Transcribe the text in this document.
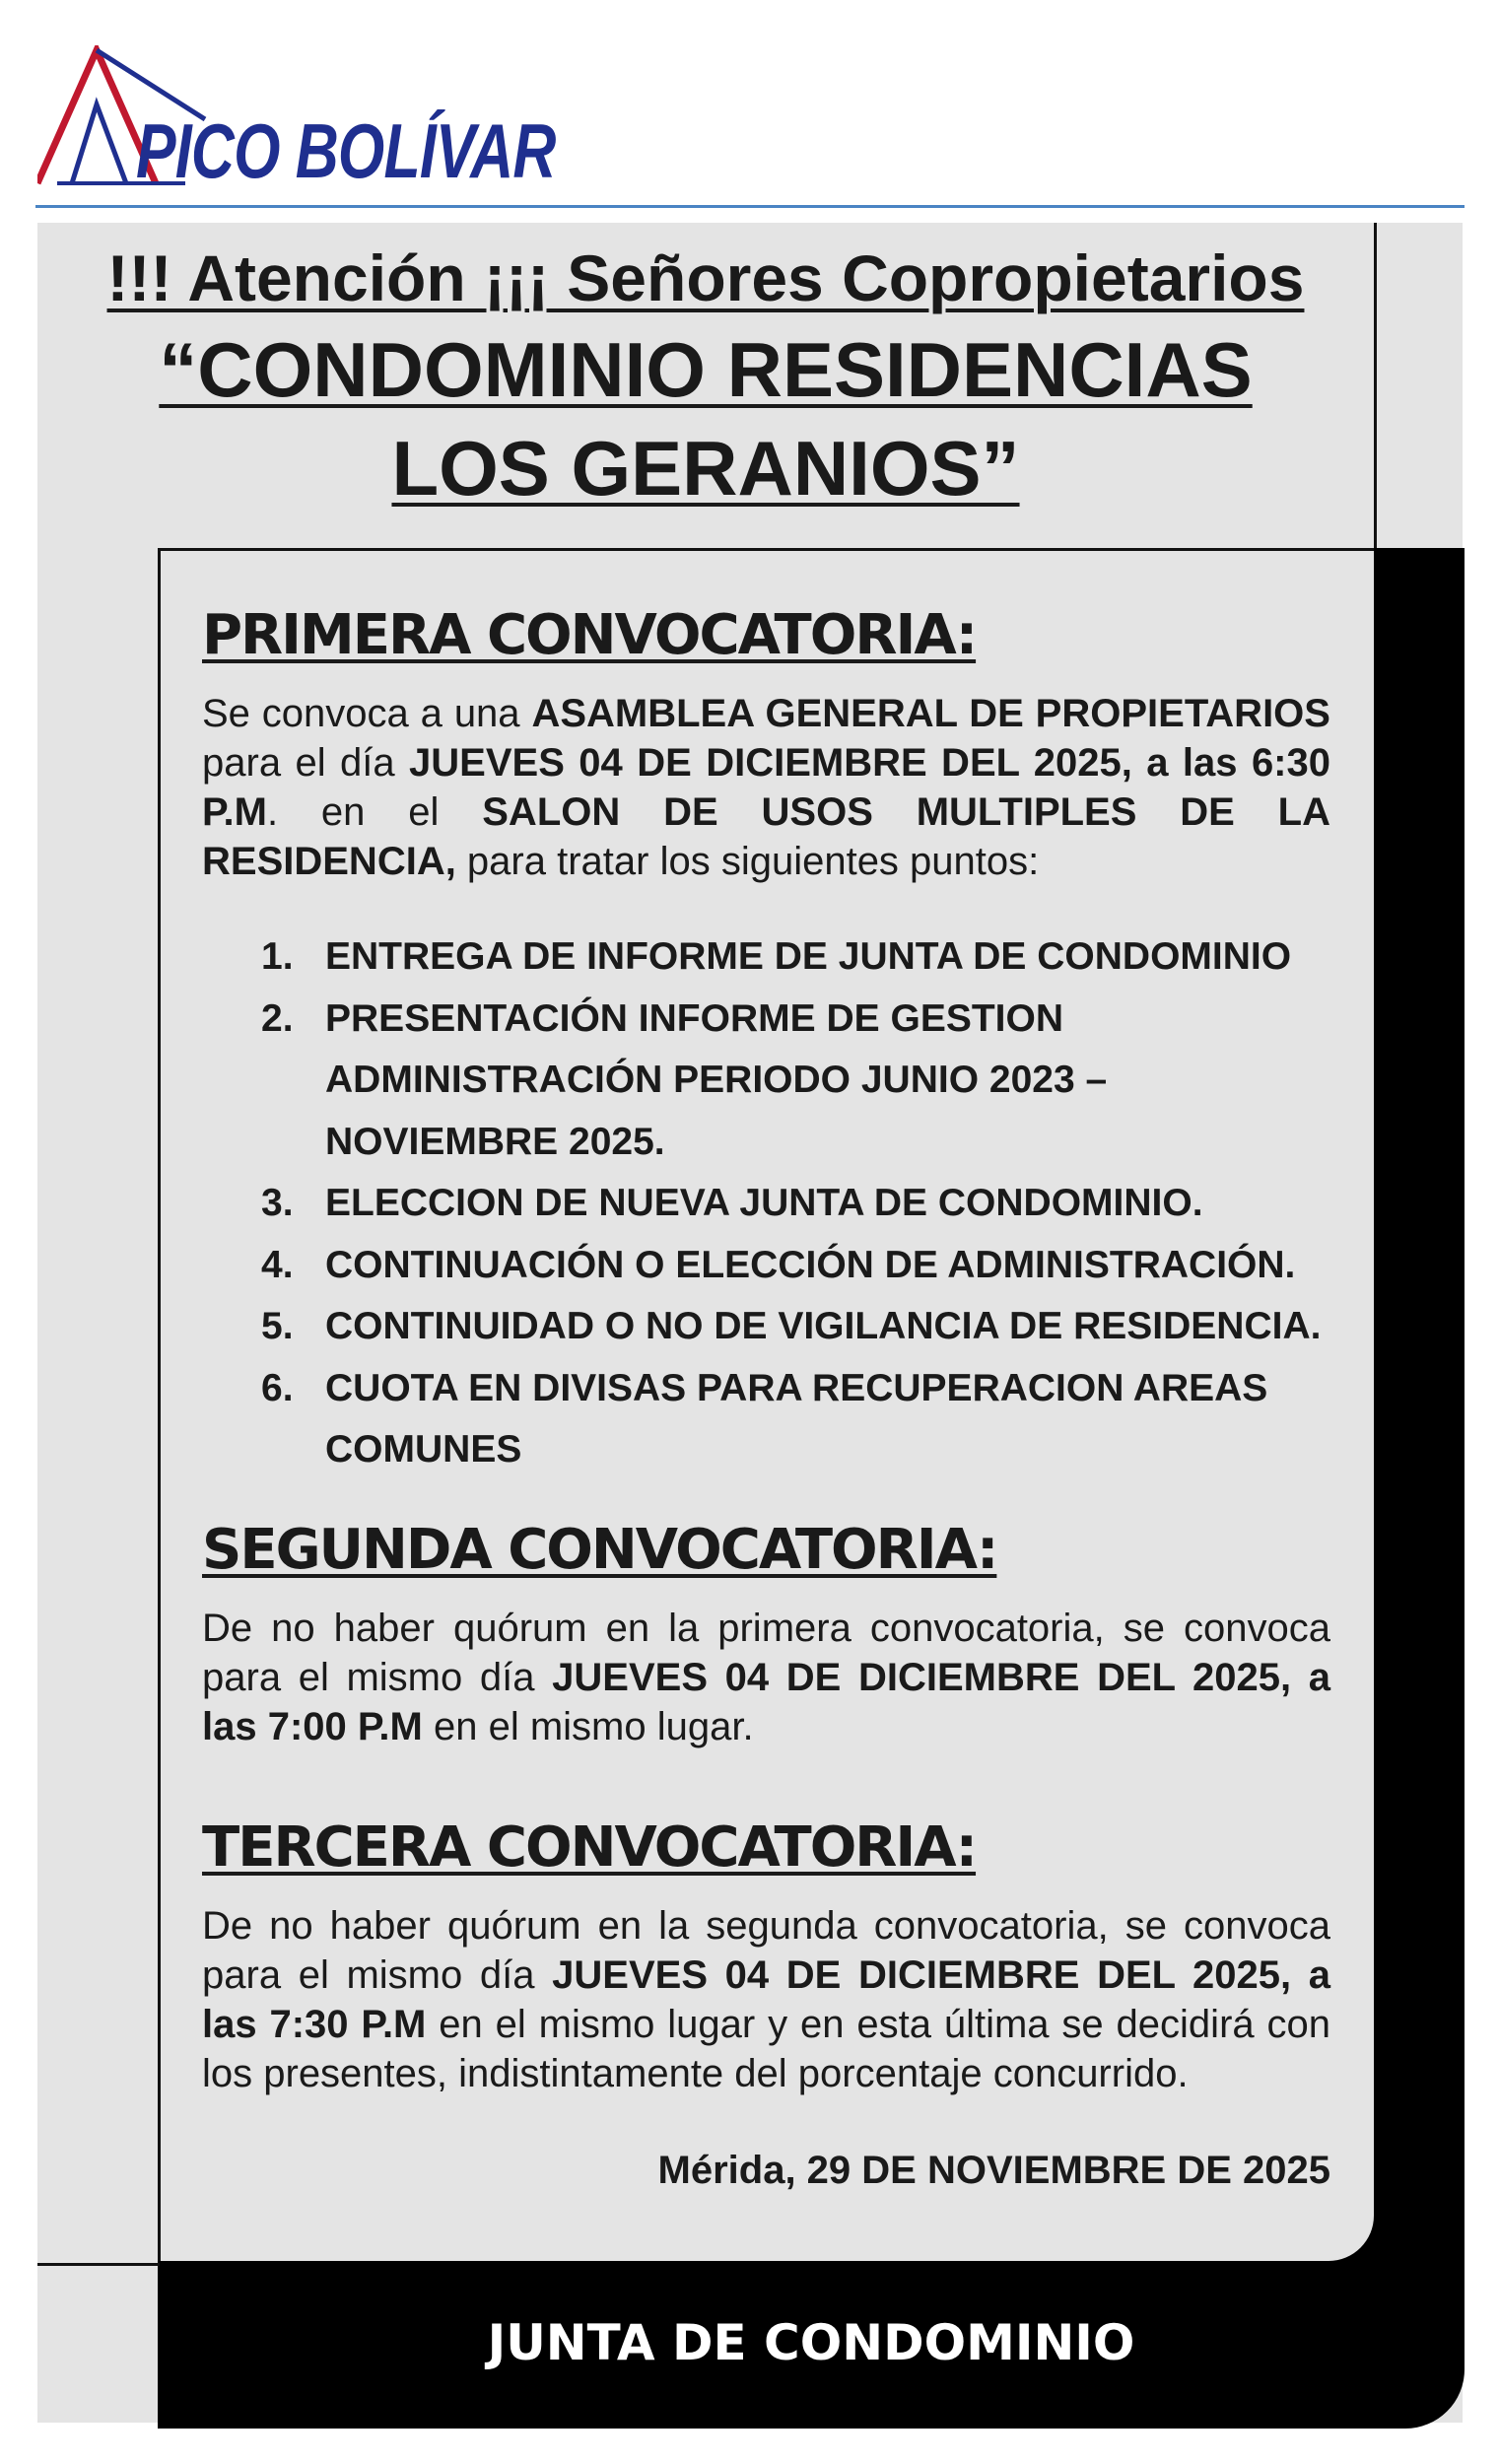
PICO BOLÍVAR

!!! Atención ¡¡¡ Señores Copropietarios

“CONDOMINIO RESIDENCIAS

LOS GERANIOS”

PRIMERA CONVOCATORIA:

Se convoca a una ASAMBLEA GENERAL DE PROPIETARIOS para el día JUEVES 04 DE DICIEMBRE DEL 2025, a las 6:30 P.M. en el SALON DE USOS MULTIPLES DE LA RESIDENCIA, para tratar los siguientes puntos:

1. ENTREGA DE INFORME DE JUNTA DE CONDOMINIO
2. PRESENTACIÓN INFORME DE GESTION ADMINISTRACIÓN PERIODO JUNIO 2023 – NOVIEMBRE 2025.
3. ELECCION DE NUEVA JUNTA DE CONDOMINIO.
4. CONTINUACIÓN O ELECCIÓN DE ADMINISTRACIÓN.
5. CONTINUIDAD O NO DE VIGILANCIA DE RESIDENCIA.
6. CUOTA EN DIVISAS PARA RECUPERACION AREAS COMUNES
SEGUNDA CONVOCATORIA:

De no haber quórum en la primera convocatoria, se convoca para el mismo día JUEVES 04 DE DICIEMBRE DEL 2025, a las 7:00 P.M en el mismo lugar.

TERCERA CONVOCATORIA:

De no haber quórum en la segunda convocatoria, se convoca para el mismo día JUEVES 04 DE DICIEMBRE DEL 2025, a las 7:30 P.M en el mismo lugar y en esta última se decidirá con los presentes, indistintamente del porcentaje concurrido.

Mérida, 29 DE NOVIEMBRE DE 2025

JUNTA DE CONDOMINIO
